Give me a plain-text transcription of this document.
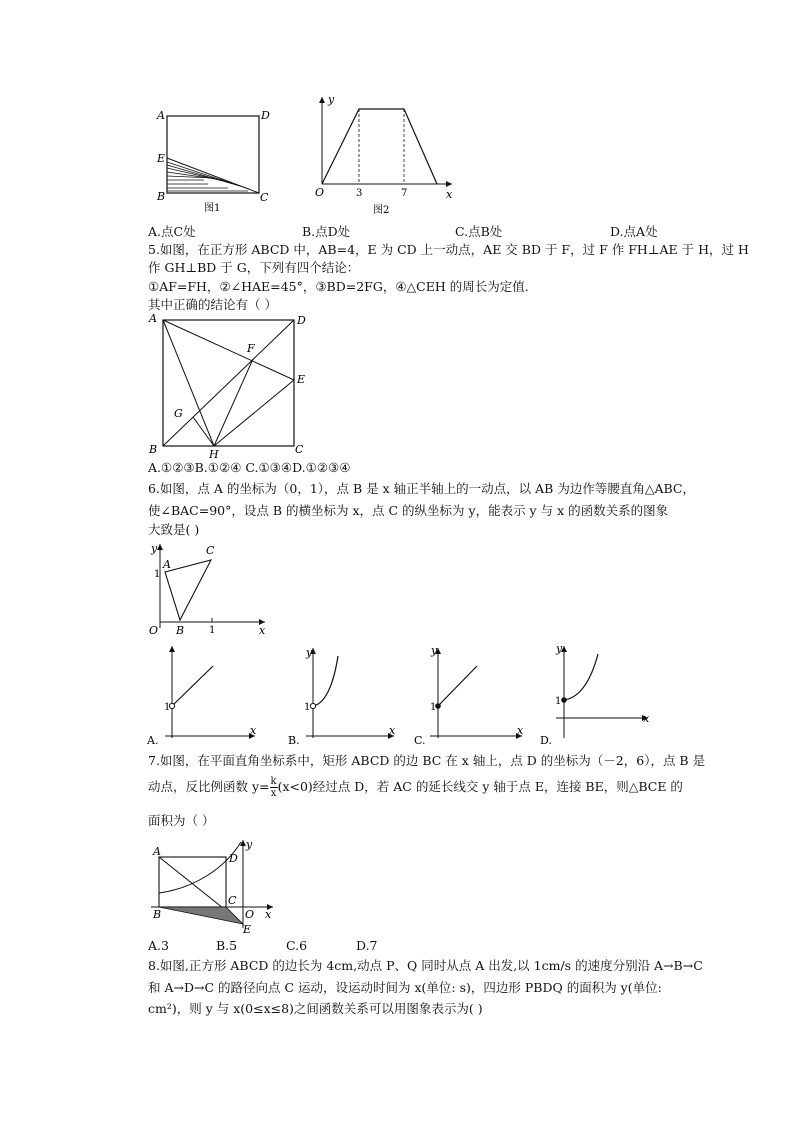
A	D
E
B	C
图1
y
x
O	3	7
图2
A.点C处	B.点D处	C.点B处	D.点A处
5.如图，在正方形 ABCD 中，AB=4，E 为 CD 上一动点，AE 交 BD 于 F，过 F 作 FH⊥AE 于 H，过 H
作 GH⊥BD 于 G，下列有四个结论：
①AF=FH，②∠HAE=45°，③BD=2FG，④△CEH 的周长为定值.
其中正确的结论有（ ）
A	D
F
E
G
B	H	C
A.①②③B.①②④ C.①③④D.①②③④
6.如图，点 A 的坐标为（0，1），点 B 是 x 轴正半轴上的一动点，以 AB 为边作等腰直角△ABC，
使∠BAC=90°，设点 B 的横坐标为 x，点 C 的纵坐标为 y，能表示 y 与 x 的函数关系的图象
大致是( )
y	C
A
1
O B 1	x
1
x
A.
y
1
x
B.
y
1
x
C.
y
1
x
D.
7.如图，在平面直角坐标系中，矩形 ABCD 的边 BC 在 x 轴上，点 D 的坐标为（－2，6），点 B 是
动点，反比例函数 $y= \frac{k}{x} (x<0)$经过点 D，若 AC 的延长线交 y 轴于点 E，连接 BE，则△BCE 的
面积为（ ）
A
D
y
B
C
O
E
x
A.3	B.5	C.6	D.7
8.如图,正方形 ABCD 的边长为 4cm,动点 P、Q 同时从点 A 出发,以 1cm/s 的速度分别沿 A→B→C
和 A→D→C 的路径向点 C 运动，设运动时间为 x(单位: s)，四边形 PBDQ 的面积为 y(单位:
cm²)，则 y 与 x(0≤x≤8)之间函数关系可以用图象表示为( )
